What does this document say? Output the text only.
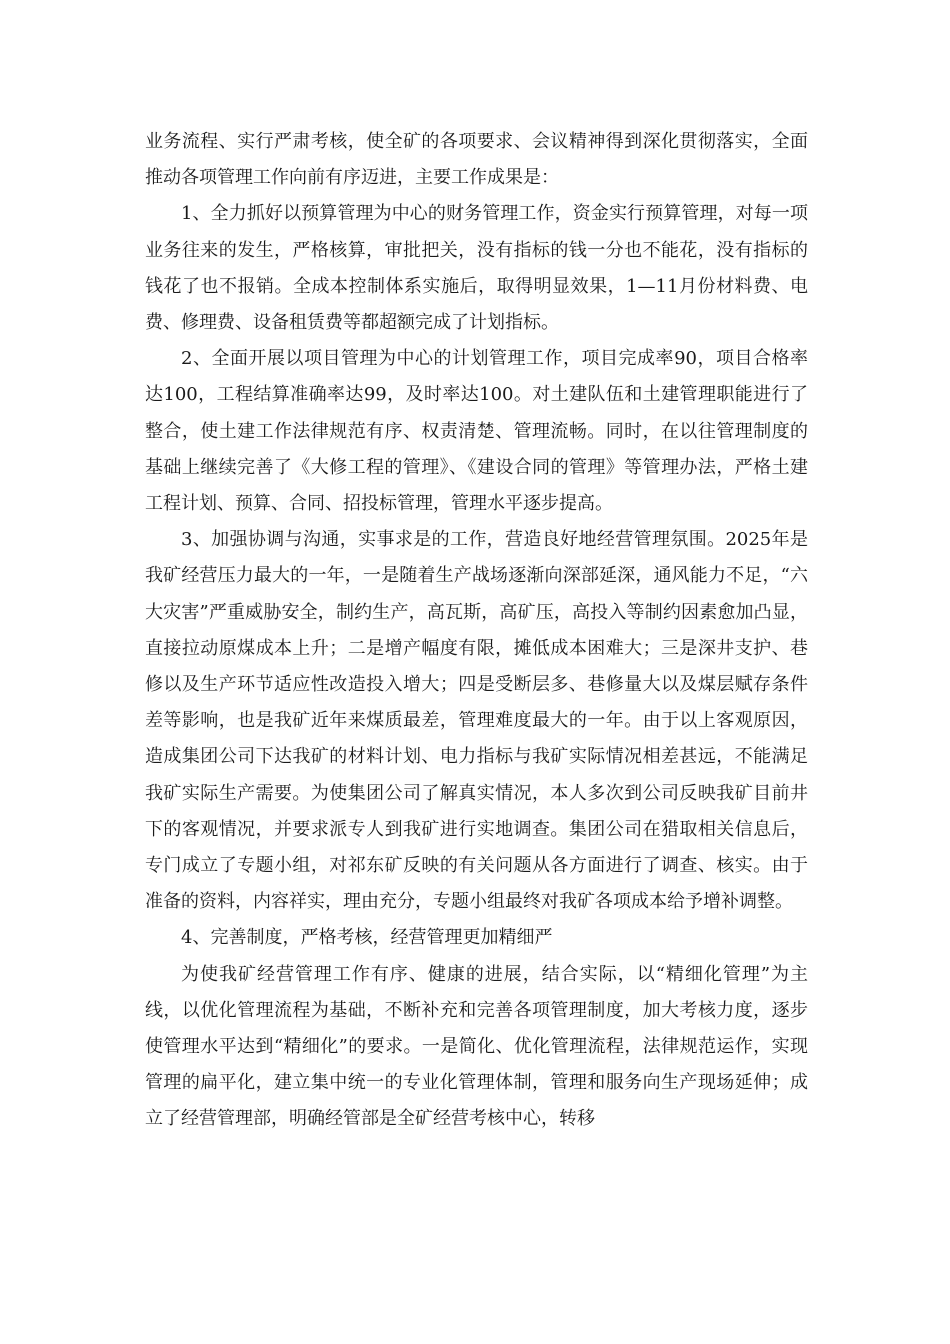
业务流程、实行严肃考核，使全矿的各项要求、会议精神得到深化贯彻落实，全面推动各项管理工作向前有序迈进，主要工作成果是：

1、全力抓好以预算管理为中心的财务管理工作，资金实行预算管理，对每一项业务往来的发生，严格核算，审批把关，没有指标的钱一分也不能花，没有指标的钱花了也不报销。全成本控制体系实施后，取得明显效果，1—11月份材料费、电费、修理费、设备租赁费等都超额完成了计划指标。

2、全面开展以项目管理为中心的计划管理工作，项目完成率90，项目合格率达100，工程结算准确率达99，及时率达100。对土建队伍和土建管理职能进行了整合，使土建工作法律规范有序、权责清楚、管理流畅。同时，在以往管理制度的基础上继续完善了《大修工程的管理》、《建设合同的管理》等管理办法，严格土建工程计划、预算、合同、招投标管理，管理水平逐步提高。

3、加强协调与沟通，实事求是的工作，营造良好地经营管理氛围。2025年是我矿经营压力最大的一年，一是随着生产战场逐渐向深部延深，通风能力不足，“六大灾害”严重威胁安全，制约生产，高瓦斯，高矿压，高投入等制约因素愈加凸显，直接拉动原煤成本上升；二是增产幅度有限，摊低成本困难大；三是深井支护、巷修以及生产环节适应性改造投入增大；四是受断层多、巷修量大以及煤层赋存条件差等影响，也是我矿近年来煤质最差，管理难度最大的一年。由于以上客观原因，造成集团公司下达我矿的材料计划、电力指标与我矿实际情况相差甚远，不能满足我矿实际生产需要。为使集团公司了解真实情况，本人多次到公司反映我矿目前井下的客观情况，并要求派专人到我矿进行实地调查。集团公司在猎取相关信息后，专门成立了专题小组，对祁东矿反映的有关问题从各方面进行了调查、核实。由于准备的资料，内容祥实，理由充分，专题小组最终对我矿各项成本给予增补调整。

4、完善制度，严格考核，经营管理更加精细严

为使我矿经营管理工作有序、健康的进展，结合实际，以“精细化管理”为主线，以优化管理流程为基础，不断补充和完善各项管理制度，加大考核力度，逐步使管理水平达到“精细化”的要求。一是简化、优化管理流程，法律规范运作，实现管理的扁平化，建立集中统一的专业化管理体制，管理和服务向生产现场延伸；成立了经营管理部，明确经管部是全矿经营考核中心，转移
